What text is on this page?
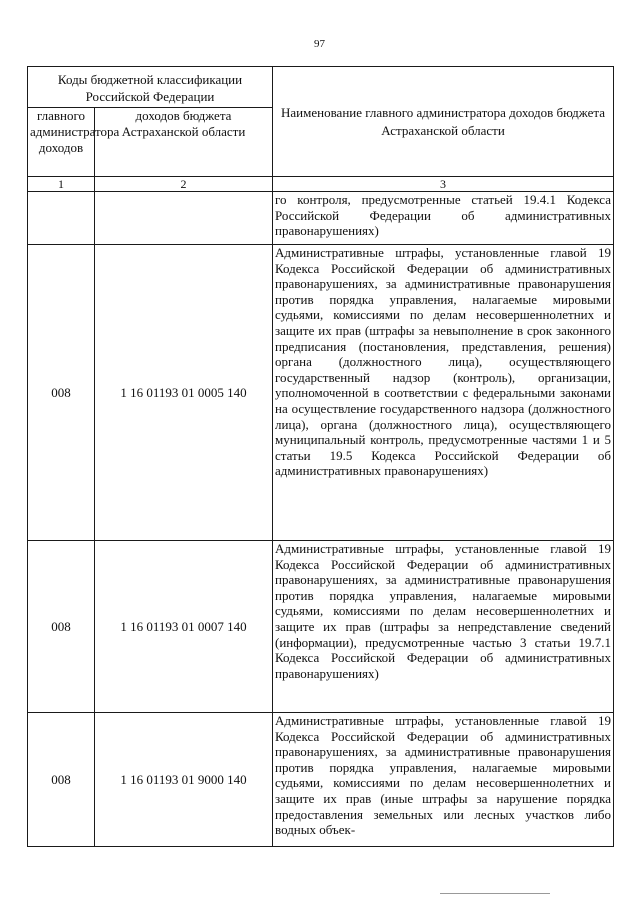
97
Коды бюджетной классификации Российской Федерации		Наименование главного администратора доходов бюджета Астраханской области
главного администратора доходов	доходов бюджета Астраханской области	
1	2	3
		го контроля, предусмотренные статьей 19.4.1 Кодекса Российской Федерации об административных правонарушениях)
008	1 16 01193 01 0005 140	Административные штрафы, установленные главой 19 Кодекса Российской Федерации об административных правонарушениях, за административные правонарушения против порядка управления, налагаемые мировыми судьями, комиссиями по делам несовершеннолетних и защите их прав (штрафы за невыполнение в срок законного предписания (постановления, представления, решения) органа (должностного лица), осуществляющего государственный надзор (контроль), организации, уполномоченной в соответствии с федеральными законами на осуществление государственного надзора (должностного лица), органа (должностного лица), осуществляющего муниципальный контроль, предусмотренные частями 1 и 5 статьи 19.5 Кодекса Российской Федерации об административных правонарушениях)
008	1 16 01193 01 0007 140	Административные штрафы, установленные главой 19 Кодекса Российской Федерации об административных правонарушениях, за административные правонарушения против порядка управления, налагаемые мировыми судьями, комиссиями по делам несовершеннолетних и защите их прав (штрафы за непредставление сведений (информации), предусмотренные частью 3 статьи 19.7.1 Кодекса Российской Федерации об административных правонарушениях)
008	1 16 01193 01 9000 140	Административные штрафы, установленные главой 19 Кодекса Российской Федерации об административных правонарушениях, за административные правонарушения против порядка управления, налагаемые мировыми судьями, комиссиями по делам несовершеннолетних и защите их прав (иные штрафы за нарушение порядка предоставления земельных или лесных участков либо водных объек-
